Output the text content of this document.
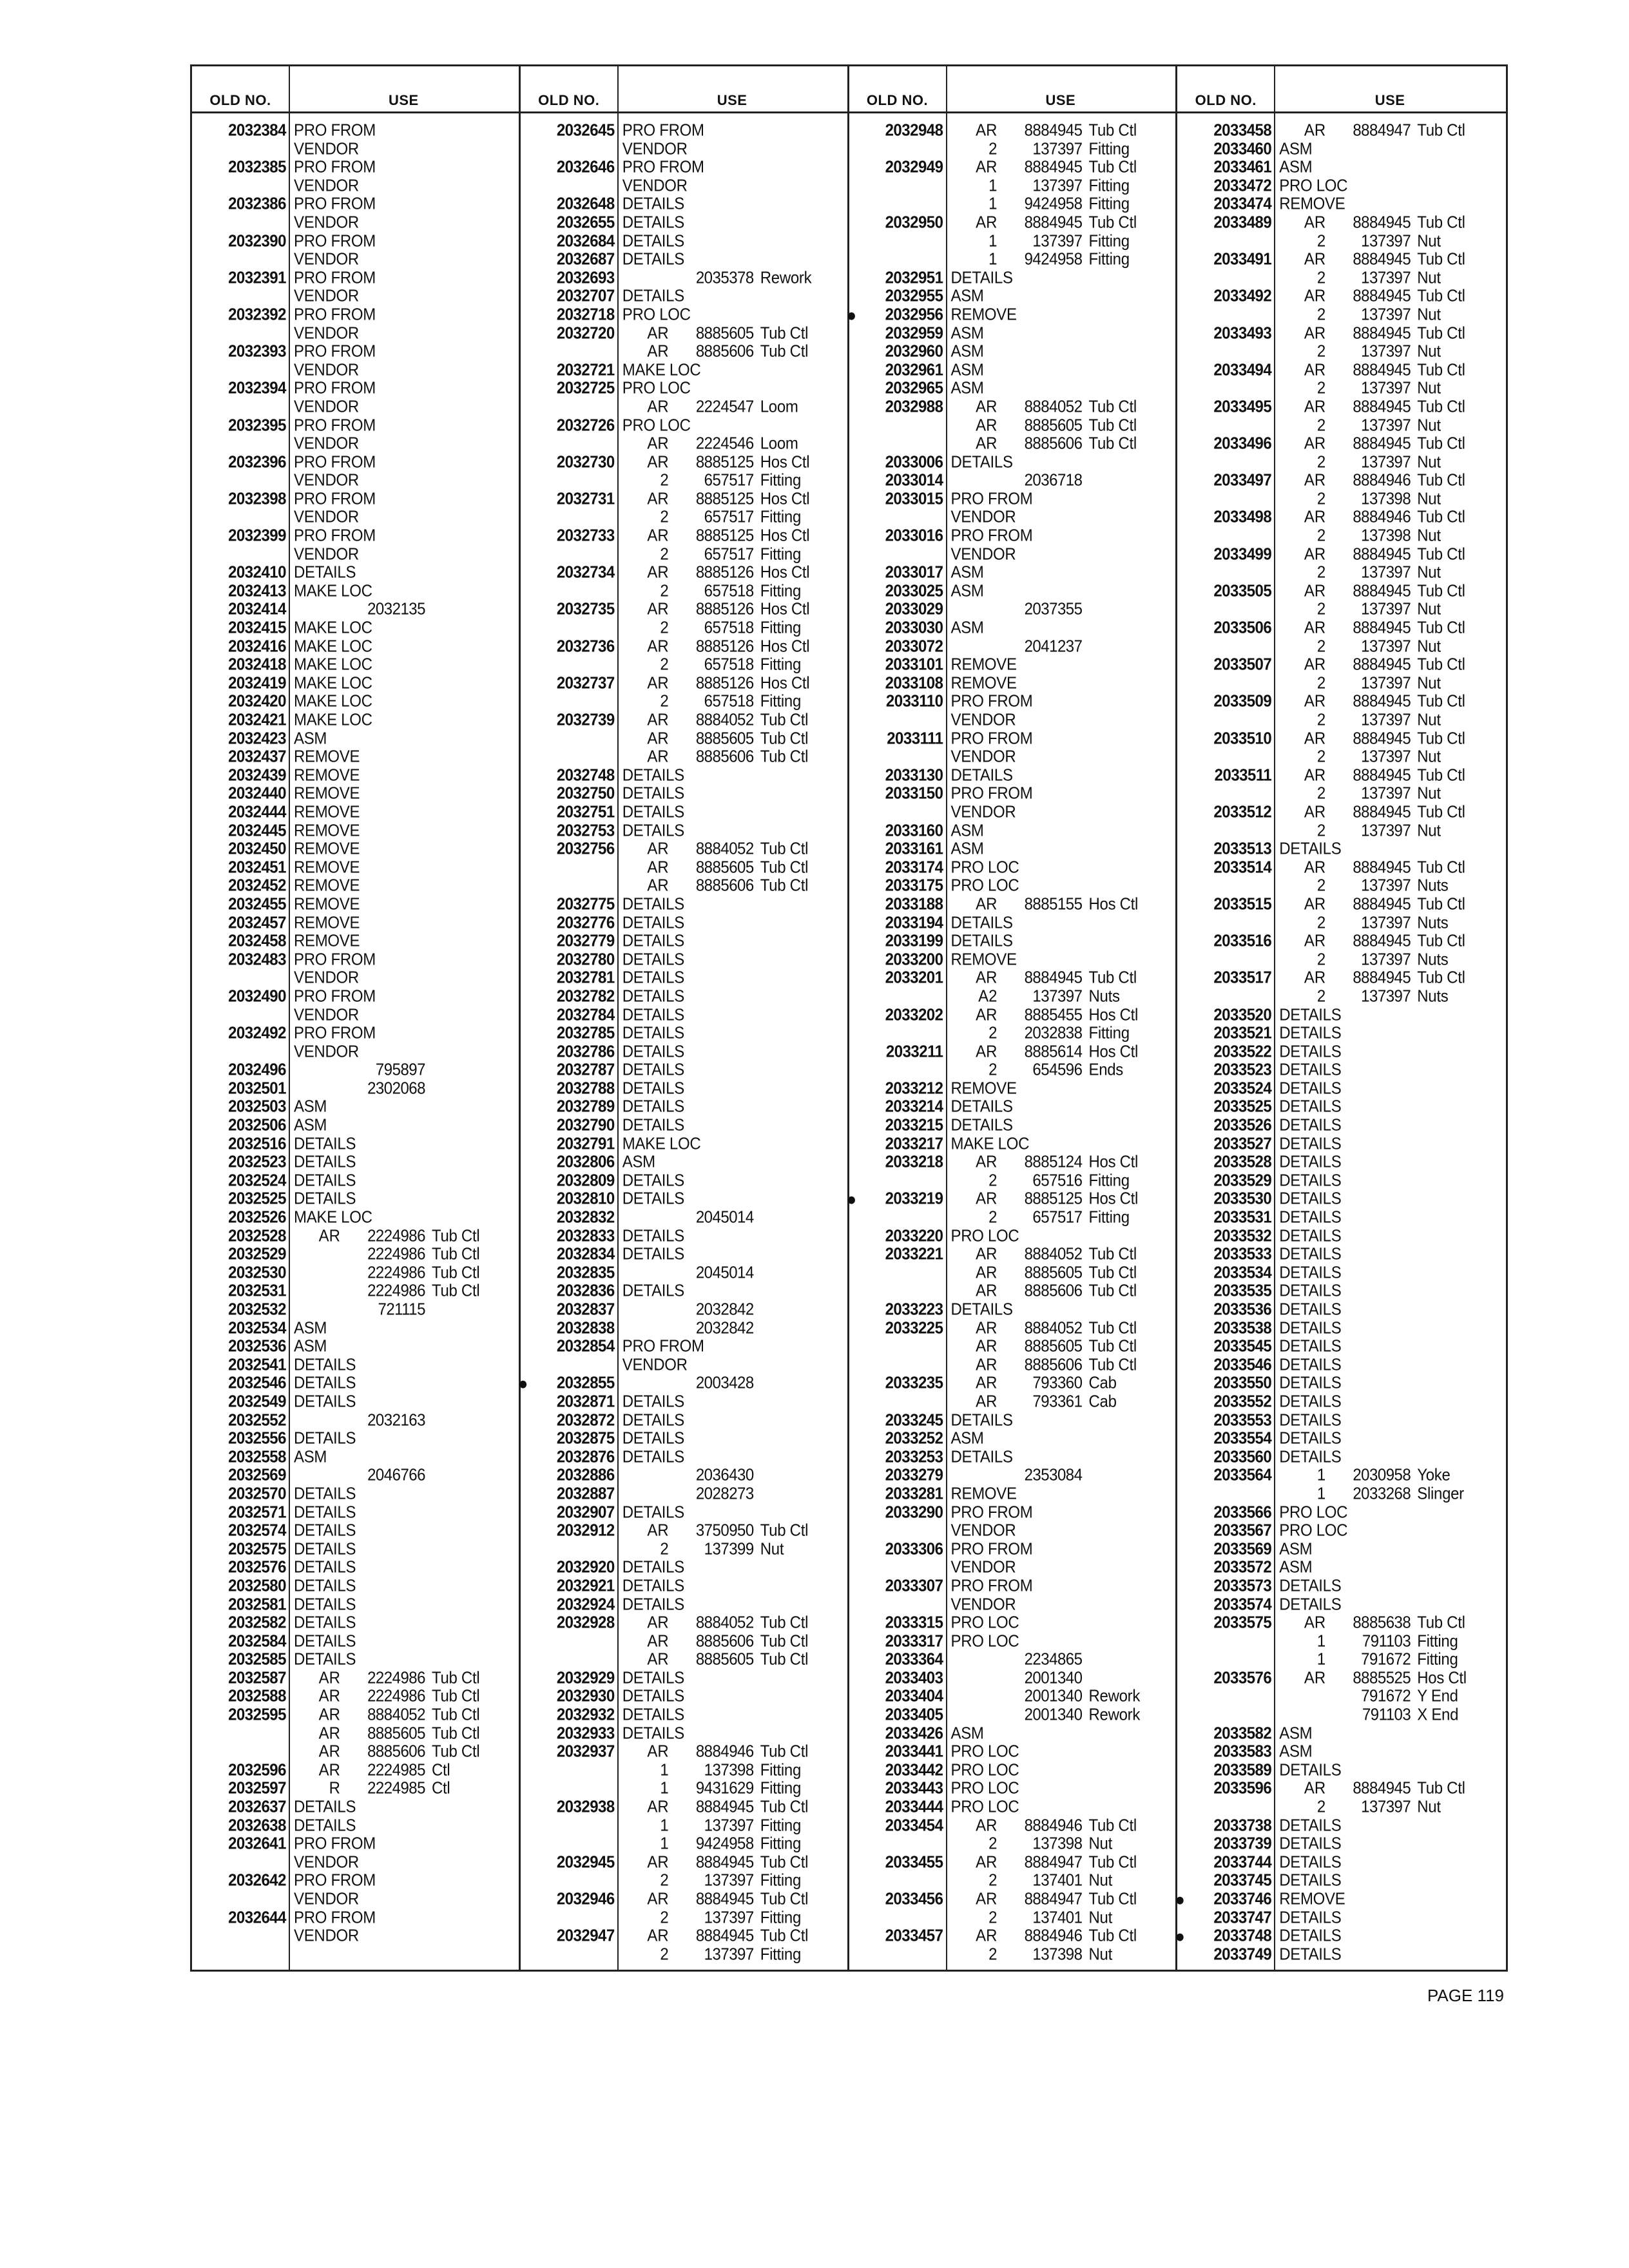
OLD NO.	USE
2032384 PRO FROM
VENDOR
2032385 PRO FROM
VENDOR
2032386 PRO FROM
VENDOR
2032390 PRO FROM
VENDOR
2032391 PRO FROM
VENDOR
2032392 PRO FROM
VENDOR
2032393 PRO FROM
VENDOR
2032394 PRO FROM
VENDOR
2032395 PRO FROM
VENDOR
2032396 PRO FROM
VENDOR
2032398 PRO FROM
VENDOR
2032399 PRO FROM
VENDOR
2032410 DETAILS
2032413 MAKE LOC
2032414	2032135
2032415 MAKE LOC
2032416 MAKE LOC
2032418 MAKE LOC
2032419 MAKE LOC
2032420 MAKE LOC
2032421 MAKE LOC
2032423 ASM
2032437 REMOVE
2032439 REMOVE
2032440 REMOVE
2032444 REMOVE
2032445 REMOVE
2032450 REMOVE
2032451 REMOVE
2032452 REMOVE
2032455 REMOVE
2032457 REMOVE
2032458 REMOVE
2032483 PRO FROM
VENDOR
2032490 PRO FROM
VENDOR
2032492 PRO FROM
VENDOR
2032496	795897
2032501	2302068
2032503 ASM
2032506 ASM
2032516 DETAILS
2032523 DETAILS
2032524 DETAILS
2032525 DETAILS
2032526 MAKE LOC
2032528	AR	2224986 Tub Ctl
2032529	2224986 Tub Ctl
2032530	2224986 Tub Ctl
2032531	2224986 Tub Ctl
2032532	721115
2032534 ASM
2032536 ASM
2032541 DETAILS
2032546 DETAILS
2032549 DETAILS
2032552	2032163
2032556 DETAILS
2032558 ASM
2032569	2046766
2032570 DETAILS
2032571 DETAILS
2032574 DETAILS
2032575 DETAILS
2032576 DETAILS
2032580 DETAILS
2032581 DETAILS
2032582 DETAILS
2032584 DETAILS
2032585 DETAILS
2032587	AR	2224986 Tub Ctl
2032588	AR	2224986 Tub Ctl
2032595	AR	8884052 Tub Ctl
AR	8885605 Tub Ctl
AR	8885606 Tub Ctl
2032596	AR	2224985 Ctl
2032597	R	2224985 Ctl
2032637 DETAILS
2032638 DETAILS
2032641 PRO FROM
VENDOR
2032642 PRO FROM
VENDOR
2032644 PRO FROM
VENDOR
OLD NO.	USE
2032645 PRO FROM
VENDOR
2032646 PRO FROM
VENDOR
2032648 DETAILS
2032655 DETAILS
2032684 DETAILS
2032687 DETAILS
2032693	2035378 Rework
2032707 DETAILS
2032718 PRO LOC
2032720	AR	8885605 Tub Ctl
AR	8885606 Tub Ctl
2032721 MAKE LOC
2032725 PRO LOC
AR	2224547 Loom
2032726 PRO LOC
AR	2224546 Loom
2032730	AR	8885125 Hos Ctl
2	657517 Fitting
2032731	AR	8885125 Hos Ctl
2	657517 Fitting
2032733	AR	8885125 Hos Ctl
2	657517 Fitting
2032734	AR	8885126 Hos Ctl
2	657518 Fitting
2032735	AR	8885126 Hos Ctl
2	657518 Fitting
2032736	AR	8885126 Hos Ctl
2	657518 Fitting
2032737	AR	8885126 Hos Ctl
2	657518 Fitting
2032739	AR	8884052 Tub Ctl
AR	8885605 Tub Ctl
AR	8885606 Tub Ctl
2032748 DETAILS
2032750 DETAILS
2032751 DETAILS
2032753 DETAILS
2032756	AR	8884052 Tub Ctl
AR	8885605 Tub Ctl
AR	8885606 Tub Ctl
2032775 DETAILS
2032776 DETAILS
2032779 DETAILS
2032780 DETAILS
2032781 DETAILS
2032782 DETAILS
2032784 DETAILS
2032785 DETAILS
2032786 DETAILS
2032787 DETAILS
2032788 DETAILS
2032789 DETAILS
2032790 DETAILS
2032791 MAKE LOC
2032806 ASM
2032809 DETAILS
2032810 DETAILS
2032832	2045014
2032833 DETAILS
2032834 DETAILS
2032835	2045014
2032836 DETAILS
2032837	2032842
2032838	2032842
2032854 PRO FROM
VENDOR
●	2032855	2003428
2032871 DETAILS
2032872 DETAILS
2032875 DETAILS
2032876 DETAILS
2032886	2036430
2032887	2028273
2032907 DETAILS
2032912	AR	3750950 Tub Ctl
2	137399 Nut
2032920 DETAILS
2032921 DETAILS
2032924 DETAILS
2032928	AR	8884052 Tub Ctl
AR	8885606 Tub Ctl
AR	8885605 Tub Ctl
2032929 DETAILS
2032930 DETAILS
2032932 DETAILS
2032933 DETAILS
2032937	AR	8884946 Tub Ctl
1	137398 Fitting
1	9431629 Fitting
2032938	AR	8884945 Tub Ctl
1	137397 Fitting
1	9424958 Fitting
2032945	AR	8884945 Tub Ctl
2	137397 Fitting
2032946	AR	8884945 Tub Ctl
2	137397 Fitting
2032947	AR	8884945 Tub Ctl
2	137397 Fitting
OLD NO.	USE
2032948	AR	8884945 Tub Ctl
2	137397 Fitting
2032949	AR	8884945 Tub Ctl
1	137397 Fitting
1	9424958 Fitting
2032950	AR	8884945 Tub Ctl
1	137397 Fitting
1	9424958 Fitting
2032951 DETAILS
2032955 ASM
●	2032956 REMOVE
2032959 ASM
2032960 ASM
2032961 ASM
2032965 ASM
2032988	AR	8884052 Tub Ctl
AR	8885605 Tub Ctl
AR	8885606 Tub Ctl
2033006 DETAILS
2033014	2036718
2033015 PRO FROM
VENDOR
2033016 PRO FROM
VENDOR
2033017 ASM
2033025 ASM
2033029	2037355
2033030 ASM
2033072	2041237
2033101 REMOVE
2033108 REMOVE
2033110 PRO FROM
VENDOR
2033111 PRO FROM
VENDOR
2033130 DETAILS
2033150 PRO FROM
VENDOR
2033160 ASM
2033161 ASM
2033174 PRO LOC
2033175 PRO LOC
2033188	AR	8885155 Hos Ctl
2033194 DETAILS
2033199 DETAILS
2033200 REMOVE
2033201	AR	8884945 Tub Ctl
A2	137397 Nuts
2033202	AR	8885455 Hos Ctl
2	2032838 Fitting
2033211	AR	8885614 Hos Ctl
2	654596 Ends
2033212 REMOVE
2033214 DETAILS
2033215 DETAILS
2033217 MAKE LOC
2033218	AR	8885124 Hos Ctl
2	657516 Fitting
●	2033219	AR	8885125 Hos Ctl
2	657517 Fitting
2033220 PRO LOC
2033221	AR	8884052 Tub Ctl
AR	8885605 Tub Ctl
AR	8885606 Tub Ctl
2033223 DETAILS
2033225	AR	8884052 Tub Ctl
AR	8885605 Tub Ctl
AR	8885606 Tub Ctl
2033235	AR	793360 Cab
AR	793361 Cab
2033245 DETAILS
2033252 ASM
2033253 DETAILS
2033279	2353084
2033281 REMOVE
2033290 PRO FROM
VENDOR
2033306 PRO FROM
VENDOR
2033307 PRO FROM
VENDOR
2033315 PRO LOC
2033317 PRO LOC
2033364	2234865
2033403	2001340
2033404	2001340 Rework
2033405	2001340 Rework
2033426 ASM
2033441 PRO LOC
2033442 PRO LOC
2033443 PRO LOC
2033444 PRO LOC
2033454	AR	8884946 Tub Ctl
2	137398 Nut
2033455	AR	8884947 Tub Ctl
2	137401 Nut
2033456	AR	8884947 Tub Ctl
2	137401 Nut
2033457	AR	8884946 Tub Ctl
2	137398 Nut
OLD NO.	USE
2033458	AR	8884947 Tub Ctl
2033460 ASM
2033461 ASM
2033472 PRO LOC
2033474 REMOVE
2033489	AR	8884945 Tub Ctl
2	137397 Nut
2033491	AR	8884945 Tub Ctl
2	137397 Nut
2033492	AR	8884945 Tub Ctl
2	137397 Nut
2033493	AR	8884945 Tub Ctl
2	137397 Nut
2033494	AR	8884945 Tub Ctl
2	137397 Nut
2033495	AR	8884945 Tub Ctl
2	137397 Nut
2033496	AR	8884945 Tub Ctl
2	137397 Nut
2033497	AR	8884946 Tub Ctl
2	137398 Nut
2033498	AR	8884946 Tub Ctl
2	137398 Nut
2033499	AR	8884945 Tub Ctl
2	137397 Nut
2033505	AR	8884945 Tub Ctl
2	137397 Nut
2033506	AR	8884945 Tub Ctl
2	137397 Nut
2033507	AR	8884945 Tub Ctl
2	137397 Nut
2033509	AR	8884945 Tub Ctl
2	137397 Nut
2033510	AR	8884945 Tub Ctl
2	137397 Nut
2033511	AR	8884945 Tub Ctl
2	137397 Nut
2033512	AR	8884945 Tub Ctl
2	137397 Nut
2033513 DETAILS
2033514	AR	8884945 Tub Ctl
2	137397 Nuts
2033515	AR	8884945 Tub Ctl
2	137397 Nuts
2033516	AR	8884945 Tub Ctl
2	137397 Nuts
2033517	AR	8884945 Tub Ctl
2	137397 Nuts
2033520 DETAILS
2033521 DETAILS
2033522 DETAILS
2033523 DETAILS
2033524 DETAILS
2033525 DETAILS
2033526 DETAILS
2033527 DETAILS
2033528 DETAILS
2033529 DETAILS
2033530 DETAILS
2033531 DETAILS
2033532 DETAILS
2033533 DETAILS
2033534 DETAILS
2033535 DETAILS
2033536 DETAILS
2033538 DETAILS
2033545 DETAILS
2033546 DETAILS
2033550 DETAILS
2033552 DETAILS
2033553 DETAILS
2033554 DETAILS
2033560 DETAILS
2033564	1	2030958 Yoke
1	2033268 Slinger
2033566 PRO LOC
2033567 PRO LOC
2033569 ASM
2033572 ASM
2033573 DETAILS
2033574 DETAILS
2033575	AR	8885638 Tub Ctl
1	791103 Fitting
1	791672 Fitting
2033576	AR	8885525 Hos Ctl
791672 Y End
791103 X End
2033582 ASM
2033583 ASM
2033589 DETAILS
2033596	AR	8884945 Tub Ctl
2	137397 Nut
2033738 DETAILS
2033739 DETAILS
2033744 DETAILS
2033745 DETAILS
●	2033746 REMOVE
2033747 DETAILS
●	2033748 DETAILS
2033749 DETAILS
PAGE 119
